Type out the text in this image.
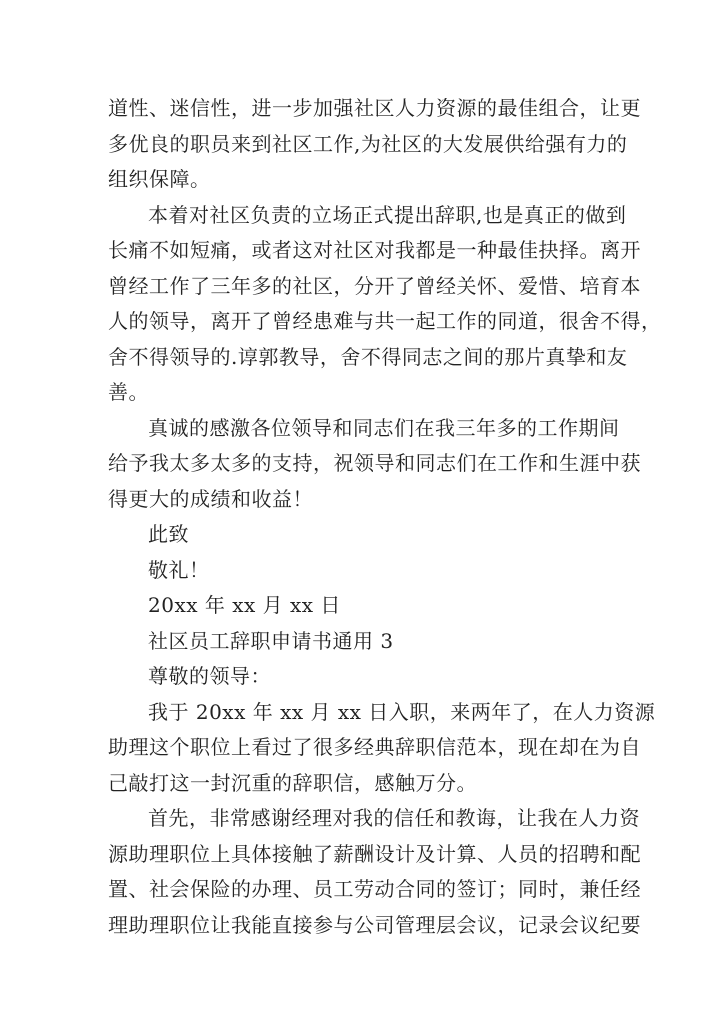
道性、迷信性，进一步加强社区人力资源的最佳组合，让更
多优良的职员来到社区工作,为社区的大发展供给强有力的
组织保障。
本着对社区负责的立场正式提出辞职,也是真正的做到
长痛不如短痛，或者这对社区对我都是一种最佳抉择。离开
曾经工作了三年多的社区，分开了曾经关怀、爱惜、培育本
人的领导，离开了曾经患难与共一起工作的同道，很舍不得，
舍不得领导的.谆郭教导，舍不得同志之间的那片真挚和友
善。
真诚的感激各位领导和同志们在我三年多的工作期间
给予我太多太多的支持，祝领导和同志们在工作和生涯中获
得更大的成绩和收益！
此致
敬礼！
20xx 年 xx 月 xx 日
社区员工辞职申请书通用 3
尊敬的领导：
我于 20xx 年 xx 月 xx 日入职，来两年了，在人力资源
助理这个职位上看过了很多经典辞职信范本，现在却在为自
己敲打这一封沉重的辞职信，感触万分。
首先，非常感谢经理对我的信任和教诲，让我在人力资
源助理职位上具体接触了薪酬设计及计算、人员的招聘和配
置、社会保险的办理、员工劳动合同的签订；同时，兼任经
理助理职位让我能直接参与公司管理层会议，记录会议纪要
